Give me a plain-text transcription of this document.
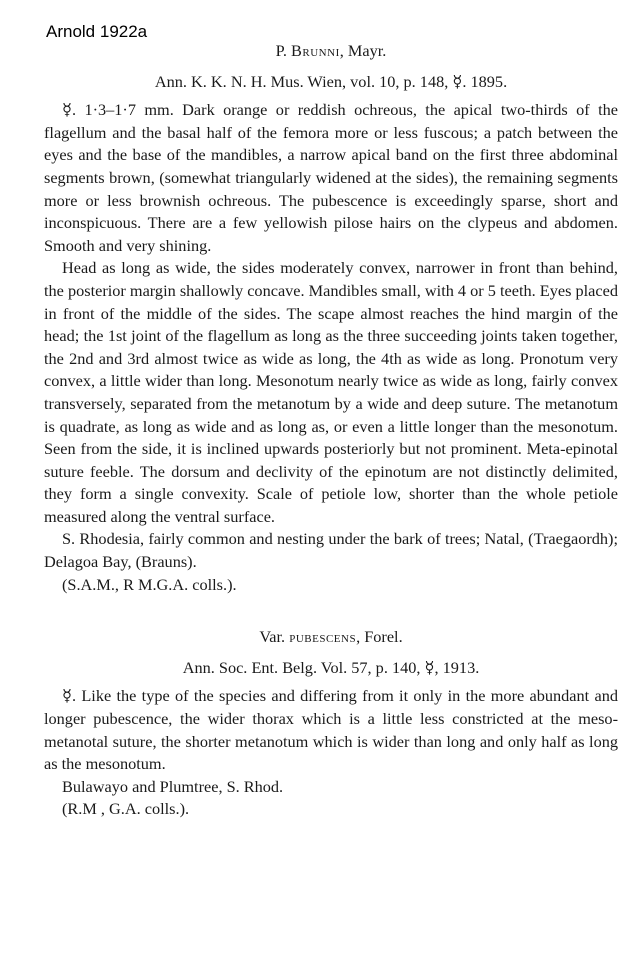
Arnold 1922a
P. Brunni, Mayr.
Ann. K. K. N. H. Mus. Wien, vol. 10, p. 148, ☿. 1895.

☿. 1·3–1·7 mm. Dark orange or reddish ochreous, the apical two-thirds of the flagellum and the basal half of the femora more or less fuscous; a patch between the eyes and the base of the mandibles, a narrow apical band on the first three abdominal segments brown, (somewhat triangularly widened at the sides), the remaining segments more or less brownish ochreous. The pubescence is exceedingly sparse, short and inconspicuous. There are a few yellowish pilose hairs on the clypeus and abdomen. Smooth and very shining.

Head as long as wide, the sides moderately convex, narrower in front than behind, the posterior margin shallowly concave. Mandibles small, with 4 or 5 teeth. Eyes placed in front of the middle of the sides. The scape almost reaches the hind margin of the head; the 1st joint of the flagellum as long as the three succeeding joints taken together, the 2nd and 3rd almost twice as wide as long, the 4th as wide as long. Pronotum very convex, a little wider than long. Mesonotum nearly twice as wide as long, fairly convex transversely, separated from the metanotum by a wide and deep suture. The metanotum is quadrate, as long as wide and as long as, or even a little longer than the mesonotum. Seen from the side, it is inclined upwards posteriorly but not prominent. Meta-epinotal suture feeble. The dorsum and declivity of the epinotum are not distinctly delimited, they form a single convexity. Scale of petiole low, shorter than the whole petiole measured along the ventral surface.

S. Rhodesia, fairly common and nesting under the bark of trees; Natal, (Traegaordh); Delagoa Bay, (Brauns).

(S.A.M., R M.G.A. colls.).

Var. pubescens, Forel.
Ann. Soc. Ent. Belg. Vol. 57, p. 140, ☿, 1913.

☿. Like the type of the species and differing from it only in the more abundant and longer pubescence, the wider thorax which is a little less constricted at the meso-metanotal suture, the shorter metanotum which is wider than long and only half as long as the mesonotum.

Bulawayo and Plumtree, S. Rhod.

(R.M , G.A. colls.).
